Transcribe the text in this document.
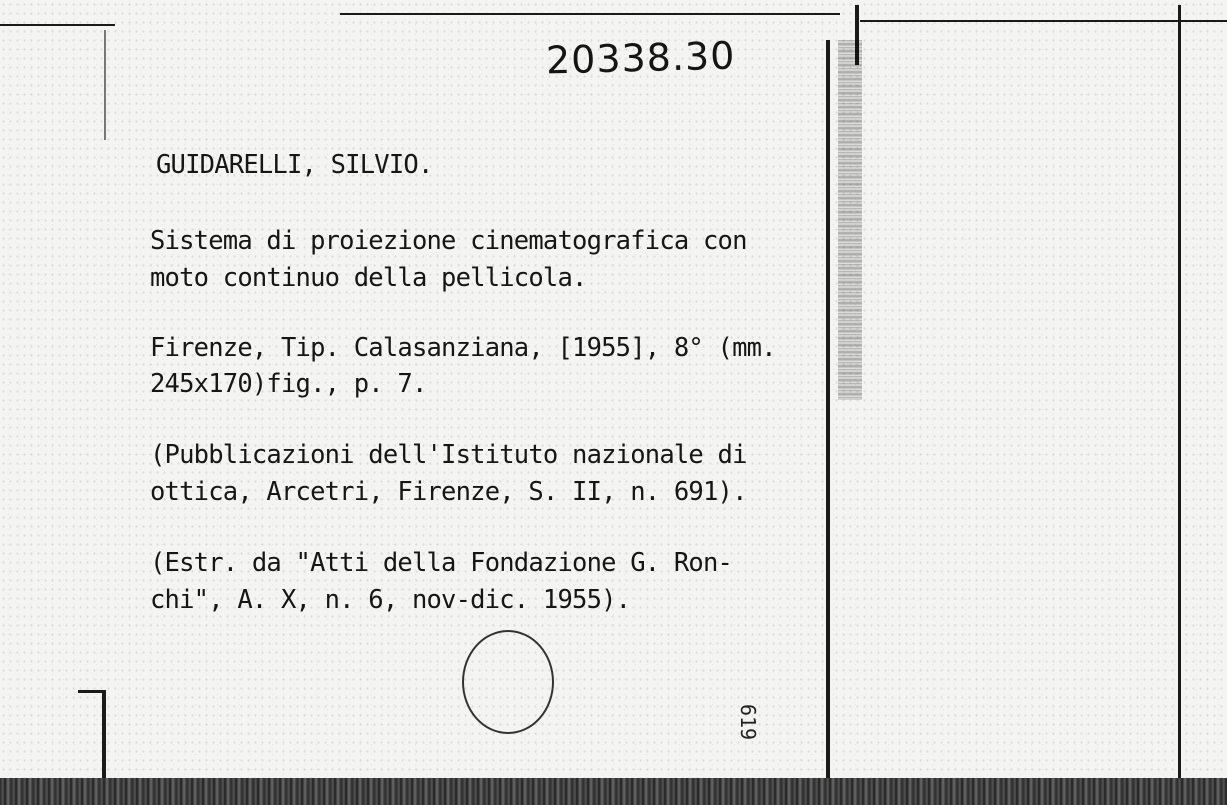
20338.30
GUIDARELLI, SILVIO.
Sistema di proiezione cinematografica con
moto continuo della pellicola.
Firenze, Tip. Calasanziana, [1955], 8° (mm.
245x170)fig., p. 7.
(Pubblicazioni dell'Istituto nazionale di
ottica, Arcetri, Firenze, S. II, n. 691).
(Estr. da "Atti della Fondazione G. Ron-
chi", A. X, n. 6, nov-dic. 1955).
619
